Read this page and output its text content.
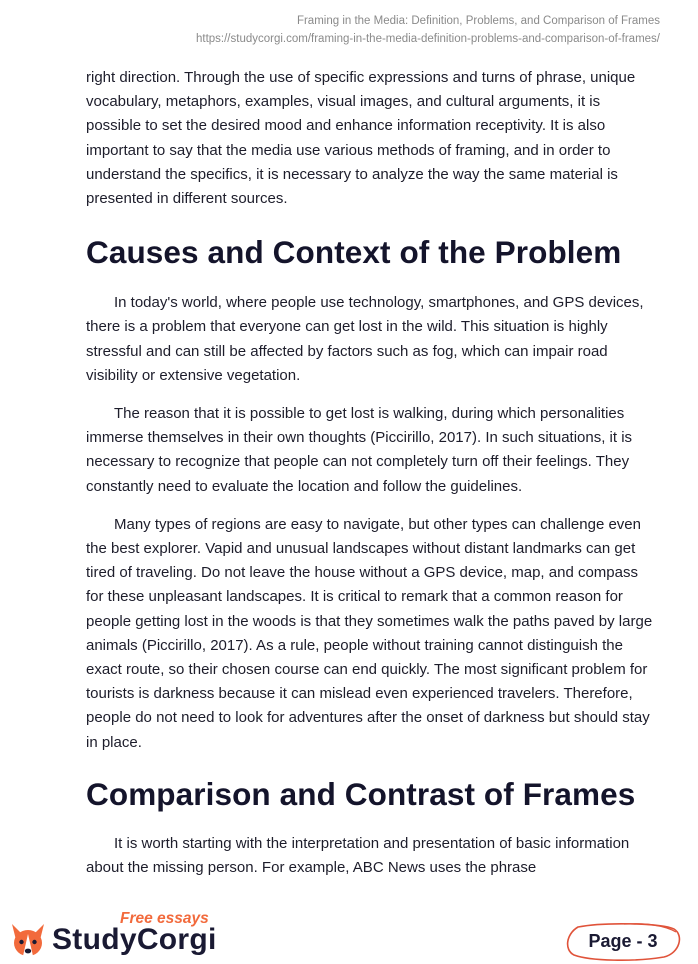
Framing in the Media: Definition, Problems, and Comparison of Frames
https://studycorgi.com/framing-in-the-media-definition-problems-and-comparison-of-frames/

right direction. Through the use of specific expressions and turns of phrase, unique vocabulary, metaphors, examples, visual images, and cultural arguments, it is possible to set the desired mood and enhance information receptivity. It is also important to say that the media use various methods of framing, and in order to understand the specifics, it is necessary to analyze the way the same material is presented in different sources.

Causes and Context of the Problem

In today's world, where people use technology, smartphones, and GPS devices, there is a problem that everyone can get lost in the wild. This situation is highly stressful and can still be affected by factors such as fog, which can impair road visibility or extensive vegetation.

The reason that it is possible to get lost is walking, during which personalities immerse themselves in their own thoughts (Piccirillo, 2017). In such situations, it is necessary to recognize that people can not completely turn off their feelings. They constantly need to evaluate the location and follow the guidelines.

Many types of regions are easy to navigate, but other types can challenge even the best explorer. Vapid and unusual landscapes without distant landmarks can get tired of traveling. Do not leave the house without a GPS device, map, and compass for these unpleasant landscapes. It is critical to remark that a common reason for people getting lost in the woods is that they sometimes walk the paths paved by large animals (Piccirillo, 2017). As a rule, people without training cannot distinguish the exact route, so their chosen course can end quickly. The most significant problem for tourists is darkness because it can mislead even experienced travelers. Therefore, people do not need to look for adventures after the onset of darkness but should stay in place.

Comparison and Contrast of Frames

It is worth starting with the interpretation and presentation of basic information about the missing person. For example, ABC News uses the phrase

Free essays
StudyCorgi	Page - 3
